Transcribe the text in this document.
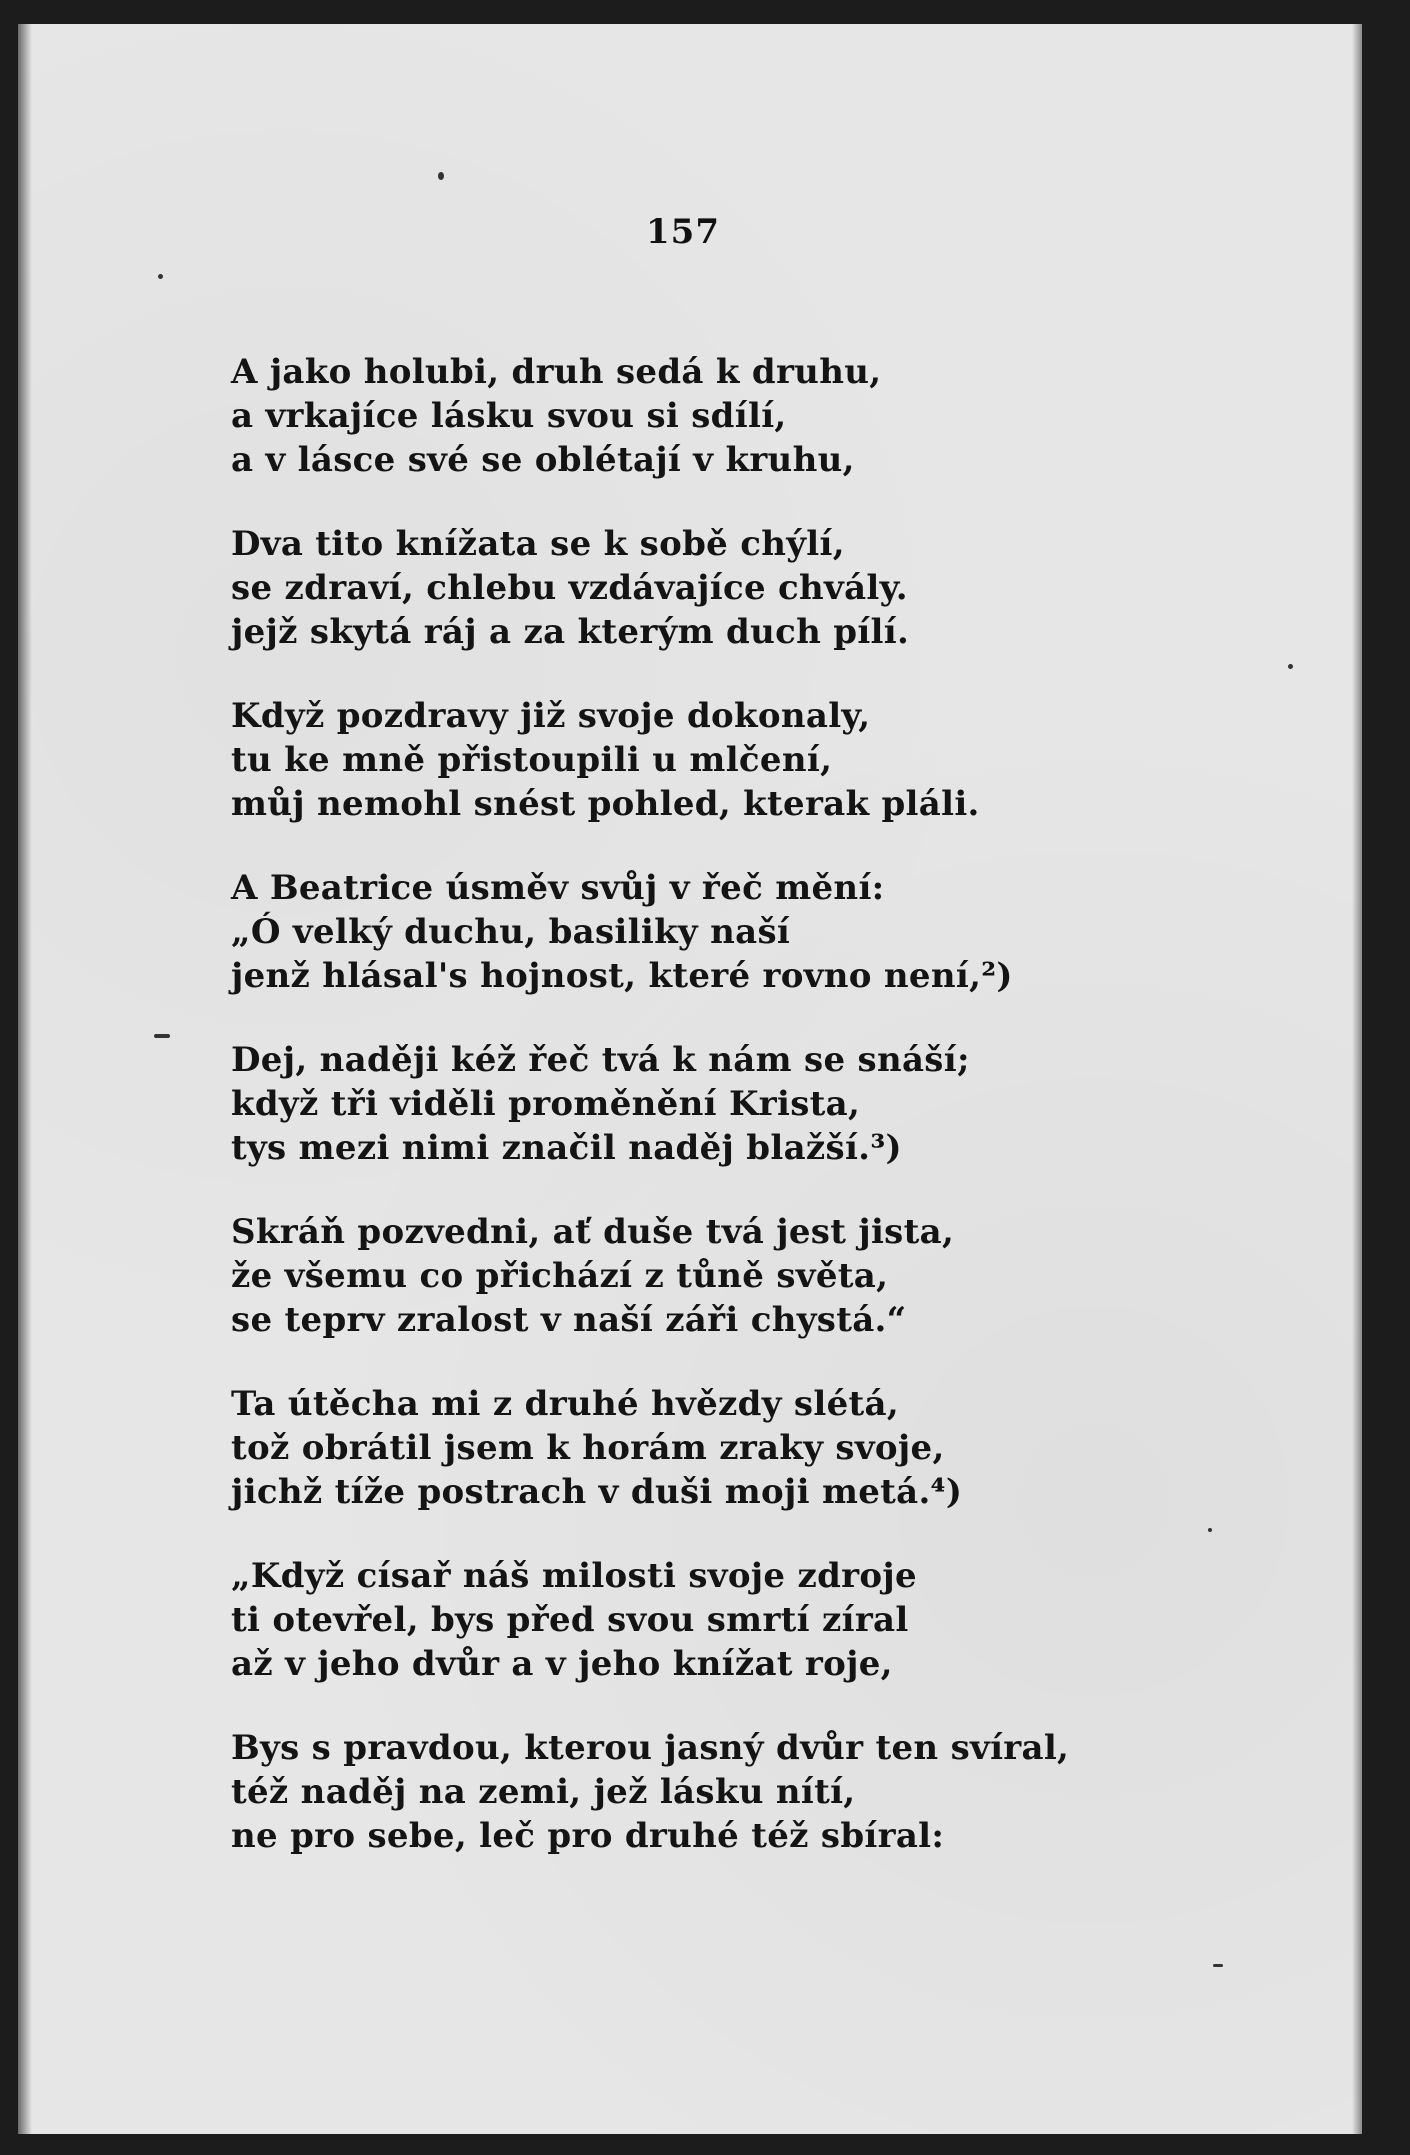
157
A jako holubi, druh sedá k druhu,
a vrkajíce lásku svou si sdílí,
a v lásce své se oblétají v kruhu,
Dva tito knížata se k sobě chýlí,
se zdraví, chlebu vzdávajíce chvály.
jejž skytá ráj a za kterým duch pílí.
Když pozdravy již svoje dokonaly,
tu ke mně přistoupili u mlčení,
můj nemohl snést pohled, kterak pláli.
A Beatrice úsměv svůj v řeč mění:
„Ó velký duchu, basiliky naší
jenž hlásal's hojnost, které rovno není,²)
Dej, naději kéž řeč tvá k nám se snáší;
když tři viděli proměnění Krista,
tys mezi nimi značil naděj blažší.³)
Skráň pozvedni, ať duše tvá jest jista,
že všemu co přichází z tůně světa,
se teprv zralost v naší záři chystá.“
Ta útěcha mi z druhé hvězdy slétá,
tož obrátil jsem k horám zraky svoje,
jichž tíže postrach v duši moji metá.⁴)
„Když císař náš milosti svoje zdroje
ti otevřel, bys před svou smrtí zíral
až v jeho dvůr a v jeho knížat roje,
Bys s pravdou, kterou jasný dvůr ten svíral,
též naděj na zemi, jež lásku nítí,
ne pro sebe, leč pro druhé též sbíral:
